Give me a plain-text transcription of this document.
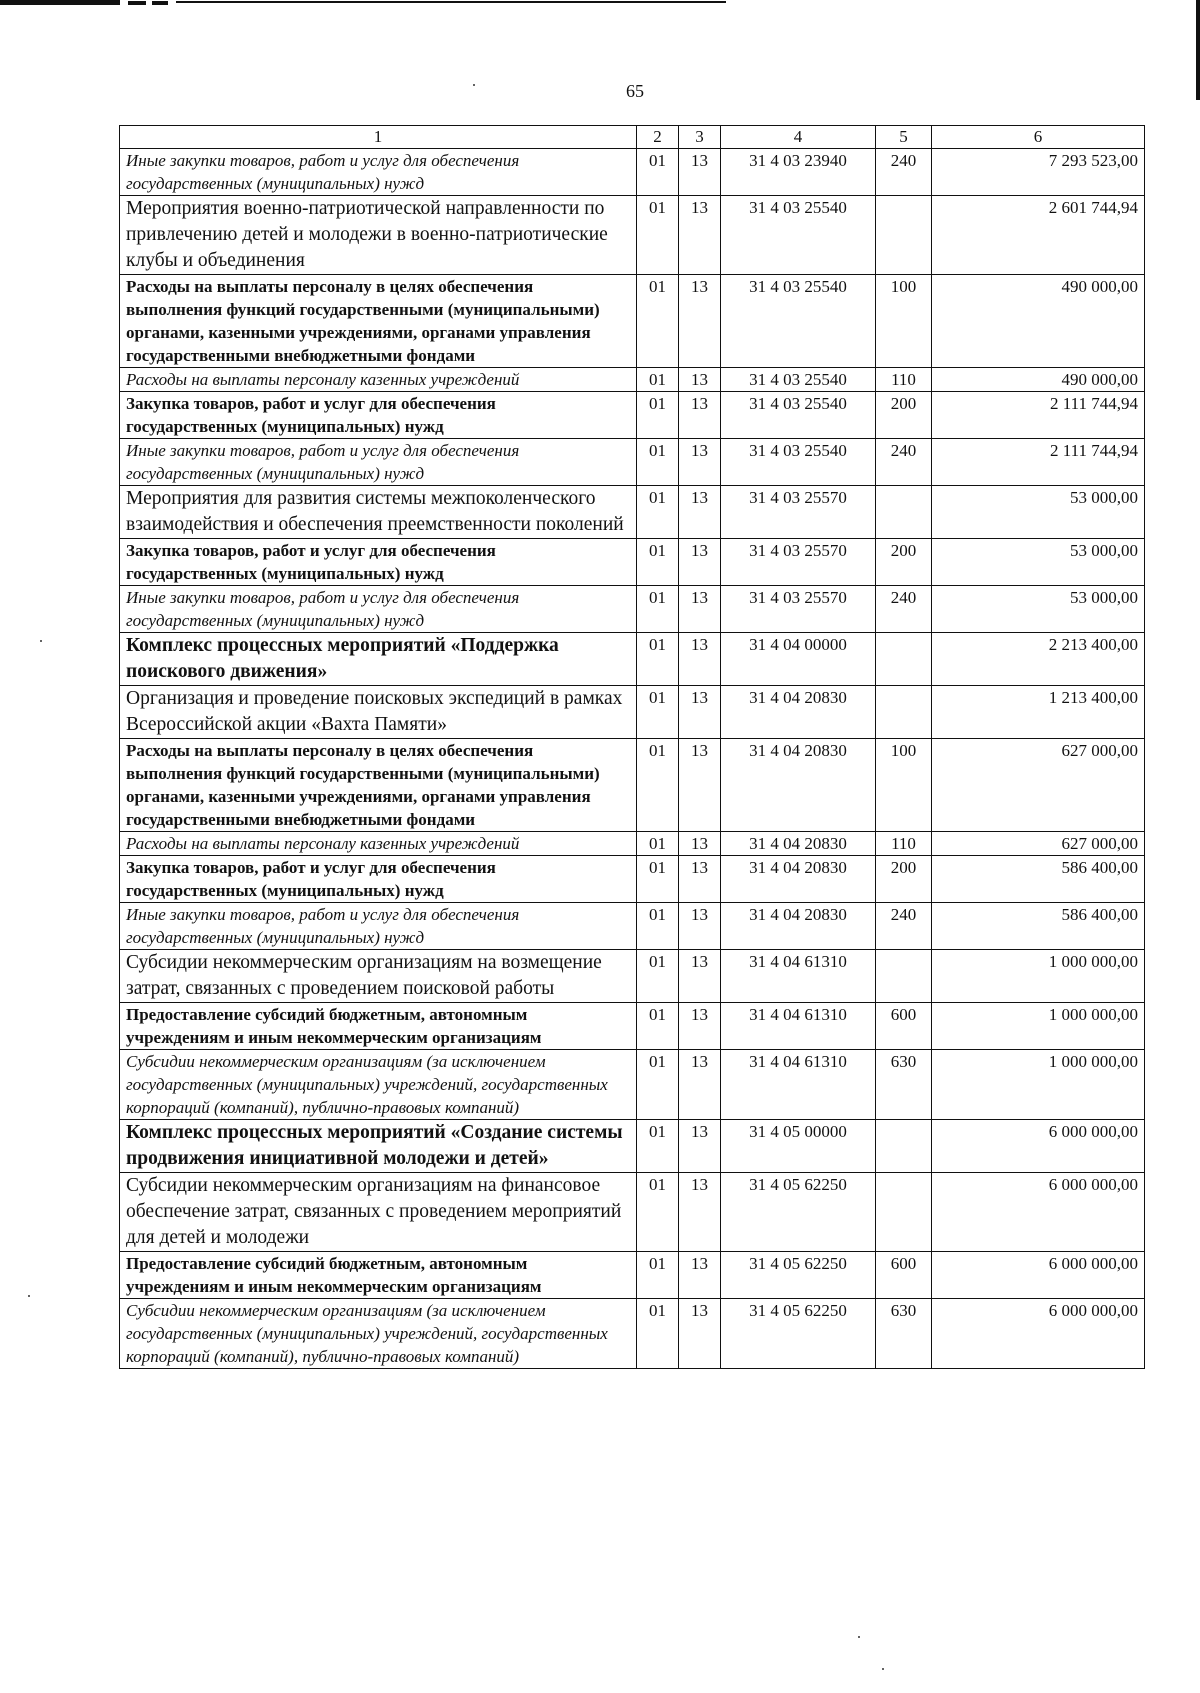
65
1	2	3	4	5	6
Иные закупки товаров, работ и услуг для обеспечения государственных (муниципальных) нужд	01	13	31 4 03 23940	240	7 293 523,00
Мероприятия военно-патриотической направленности по привлечению детей и молодежи в военно-патриотические клубы и объединения	01	13	31 4 03 25540		2 601 744,94
Расходы на выплаты персоналу в целях обеспечения выполнения функций государственными (муниципальными) органами, казенными учреждениями, органами управления государственными внебюджетными фондами	01	13	31 4 03 25540	100	490 000,00
Расходы на выплаты персоналу казенных учреждений	01	13	31 4 03 25540	110	490 000,00
Закупка товаров, работ и услуг для обеспечения государственных (муниципальных) нужд	01	13	31 4 03 25540	200	2 111 744,94
Иные закупки товаров, работ и услуг для обеспечения государственных (муниципальных) нужд	01	13	31 4 03 25540	240	2 111 744,94
Мероприятия для развития системы межпоколенческого взаимодействия и обеспечения преемственности поколений	01	13	31 4 03 25570		53 000,00
Закупка товаров, работ и услуг для обеспечения государственных (муниципальных) нужд	01	13	31 4 03 25570	200	53 000,00
Иные закупки товаров, работ и услуг для обеспечения государственных (муниципальных) нужд	01	13	31 4 03 25570	240	53 000,00
Комплекс процессных мероприятий «Поддержка поискового движения»	01	13	31 4 04 00000		2 213 400,00
Организация и проведение поисковых экспедиций в рамках Всероссийской акции «Вахта Памяти»	01	13	31 4 04 20830		1 213 400,00
Расходы на выплаты персоналу в целях обеспечения выполнения функций государственными (муниципальными) органами, казенными учреждениями, органами управления государственными внебюджетными фондами	01	13	31 4 04 20830	100	627 000,00
Расходы на выплаты персоналу казенных учреждений	01	13	31 4 04 20830	110	627 000,00
Закупка товаров, работ и услуг для обеспечения государственных (муниципальных) нужд	01	13	31 4 04 20830	200	586 400,00
Иные закупки товаров, работ и услуг для обеспечения государственных (муниципальных) нужд	01	13	31 4 04 20830	240	586 400,00
Субсидии некоммерческим организациям на возмещение затрат, связанных с проведением поисковой работы	01	13	31 4 04 61310		1 000 000,00
Предоставление субсидий бюджетным, автономным учреждениям и иным некоммерческим организациям	01	13	31 4 04 61310	600	1 000 000,00
Субсидии некоммерческим организациям (за исключением государственных (муниципальных) учреждений, государственных корпораций (компаний), публично-правовых компаний)	01	13	31 4 04 61310	630	1 000 000,00
Комплекс процессных мероприятий «Создание системы продвижения инициативной молодежи и детей»	01	13	31 4 05 00000		6 000 000,00
Субсидии некоммерческим организациям на финансовое обеспечение затрат, связанных с проведением мероприятий для детей и молодежи	01	13	31 4 05 62250		6 000 000,00
Предоставление субсидий бюджетным, автономным учреждениям и иным некоммерческим организациям	01	13	31 4 05 62250	600	6 000 000,00
Субсидии некоммерческим организациям (за исключением государственных (муниципальных) учреждений, государственных корпораций (компаний), публично-правовых компаний)	01	13	31 4 05 62250	630	6 000 000,00
